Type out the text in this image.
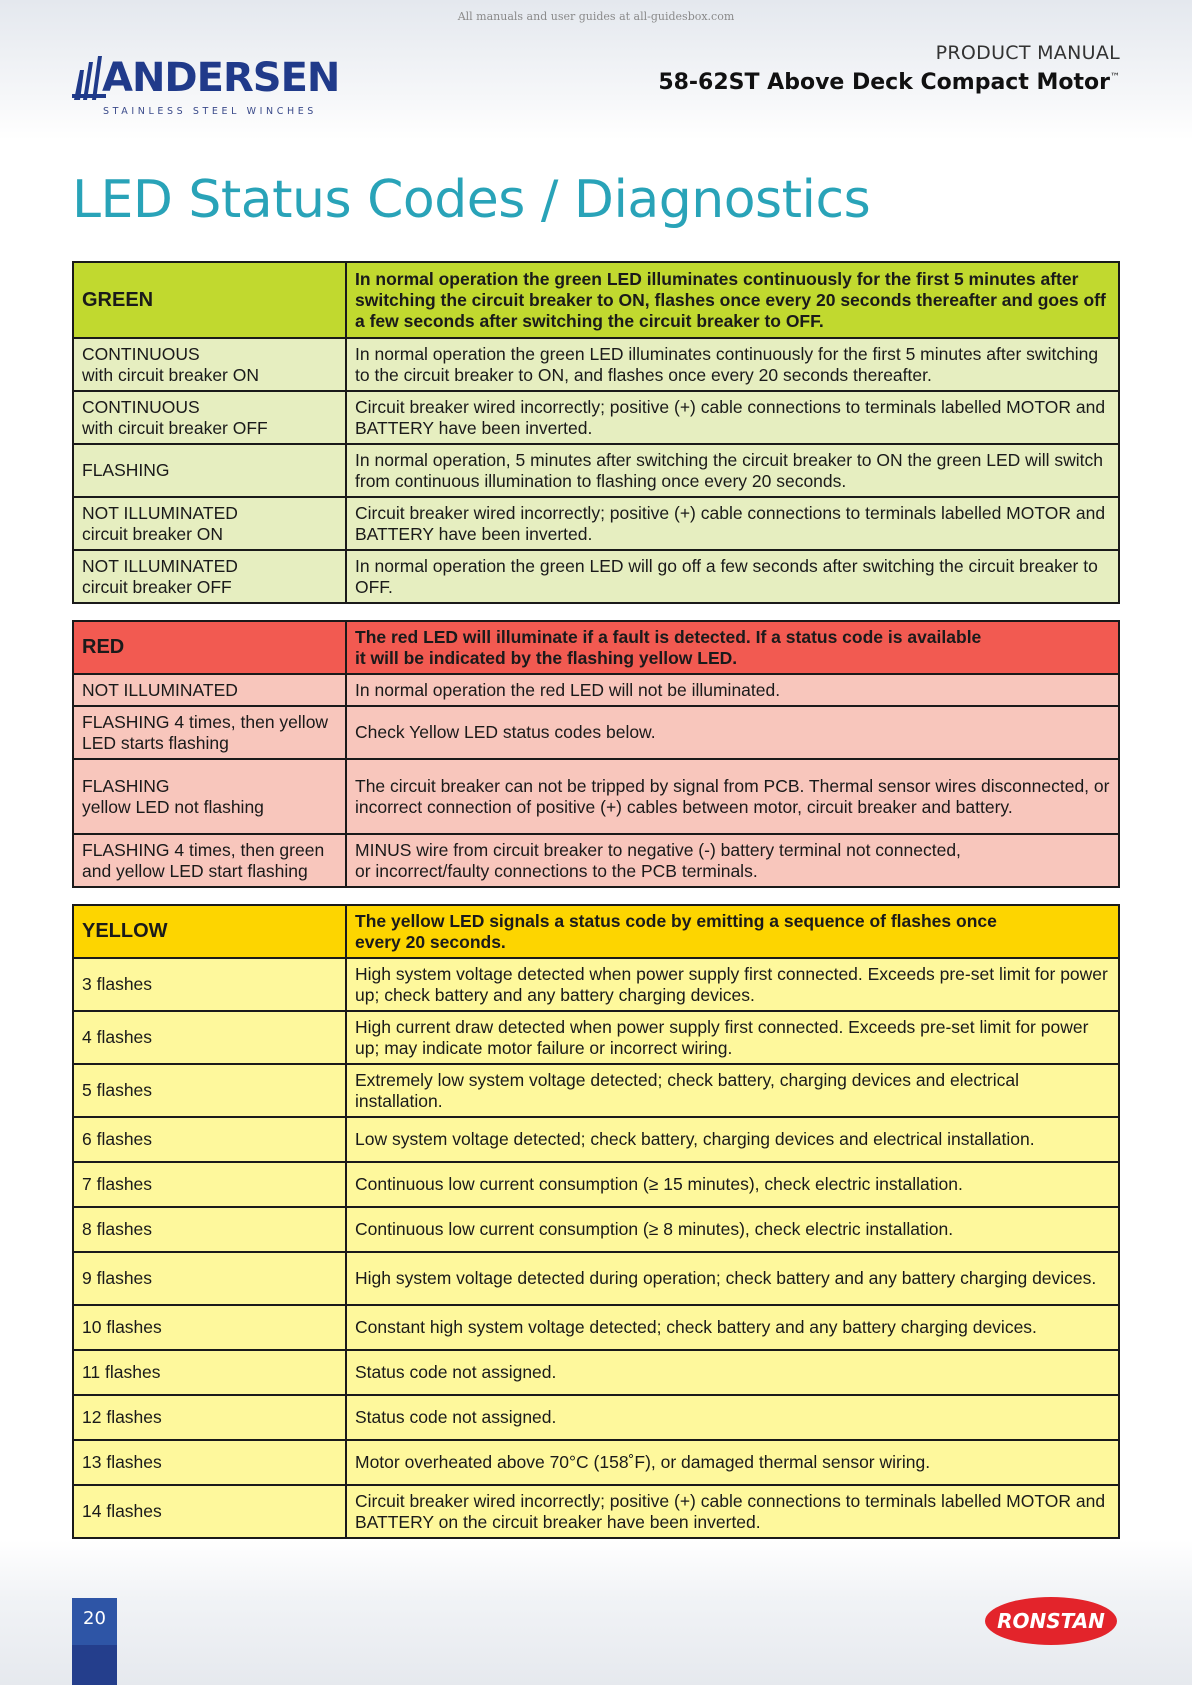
All manuals and user guides at all-guidesbox.com
ANDERSEN
STAINLESS STEEL WINCHES
PRODUCT MANUAL
58-62ST Above Deck Compact Motor™
LED Status Codes / Diagnostics
GREEN	In normal operation the green LED illuminates continuously for the first 5 minutes after switching the circuit breaker to ON, flashes once every 20 seconds thereafter and goes off a few seconds after switching the circuit breaker to OFF.
CONTINUOUS
with circuit breaker ON	In normal operation the green LED illuminates continuously for the first 5 minutes after switching to the circuit breaker to ON, and flashes once every 20 seconds thereafter.
CONTINUOUS
with circuit breaker OFF	Circuit breaker wired incorrectly; positive (+) cable connections to terminals labelled MOTOR and BATTERY have been inverted.
FLASHING	In normal operation, 5 minutes after switching the circuit breaker to ON the green LED will switch from continuous illumination to flashing once every 20 seconds.
NOT ILLUMINATED
circuit breaker ON	Circuit breaker wired incorrectly; positive (+) cable connections to terminals labelled MOTOR and BATTERY have been inverted.
NOT ILLUMINATED
circuit breaker OFF	In normal operation the green LED will go off a few seconds after switching the circuit breaker to OFF.
RED	The red LED will illuminate if a fault is detected. If a status code is available
it will be indicated by the flashing yellow LED.
NOT ILLUMINATED	In normal operation the red LED will not be illuminated.
FLASHING 4 times, then yellow LED starts flashing	Check Yellow LED status codes below.
FLASHING
yellow LED not flashing	The circuit breaker can not be tripped by signal from PCB. Thermal sensor wires disconnected, or incorrect connection of positive (+) cables between motor, circuit breaker and battery.
FLASHING 4 times, then green and yellow LED start flashing	MINUS wire from circuit breaker to negative (-) battery terminal not connected,
or incorrect/faulty connections to the PCB terminals.
YELLOW	The yellow LED signals a status code by emitting a sequence of flashes once
every 20 seconds.
3 flashes	High system voltage detected when power supply first connected. Exceeds pre-set limit for power up; check battery and any battery charging devices.
4 flashes	High current draw detected when power supply first connected. Exceeds pre-set limit for power up; may indicate motor failure or incorrect wiring.
5 flashes	Extremely low system voltage detected; check battery, charging devices and electrical installation.
6 flashes	Low system voltage detected; check battery, charging devices and electrical installation.
7 flashes	Continuous low current consumption (≥ 15 minutes), check electric installation.
8 flashes	Continuous low current consumption (≥ 8 minutes), check electric installation.
9 flashes	High system voltage detected during operation; check battery and any battery charging devices.
10 flashes	Constant high system voltage detected; check battery and any battery charging devices.
11 flashes	Status code not assigned.
12 flashes	Status code not assigned.
13 flashes	Motor overheated above 70°C (158˚F), or damaged thermal sensor wiring.
14 flashes	Circuit breaker wired incorrectly; positive (+) cable connections to terminals labelled MOTOR and BATTERY on the circuit breaker have been inverted.
20	RONSTAN
